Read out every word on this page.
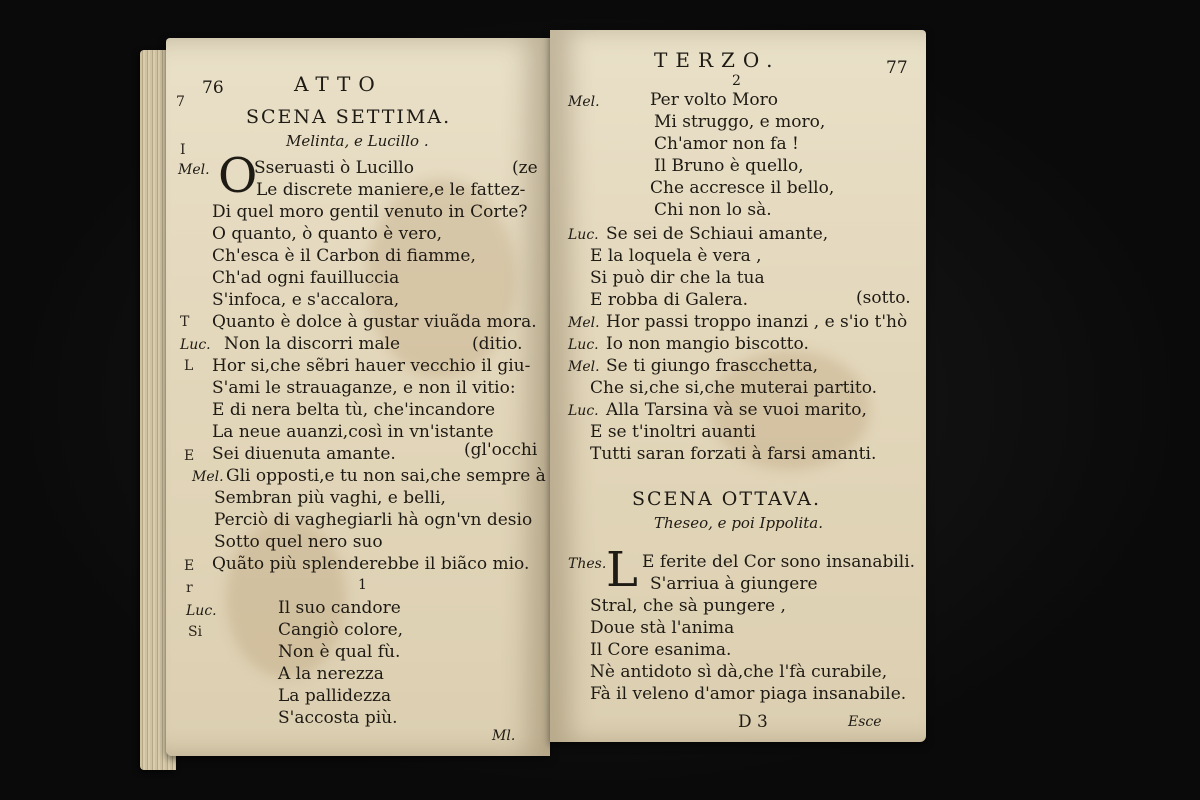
76	ATTO
7
SCENA SETTIMA.
Melinta, e Lucillo .
I
Mel. O
Sseruasti ò Lucillo	(ze
Le discrete maniere,e le fattez-
Di quel moro gentil venuto in Corte?
O quanto, ò quanto è vero,
Ch'esca è il Carbon di fiamme,
Ch'ad ogni fauilluccia
S'infoca, e s'accalora,
T Quanto è dolce à gustar viuãda mora.
Luc. Non la discorri male	(ditio.
L Hor si,che sẽbri hauer vecchio il giu-
S'ami le strauaganze, e non il vitio:
E di nera belta tù, che'incandore
La neue auanzi,così in vn'istante
E Sei diuenuta amante.	(gl'occhi
Mel. Gli opposti,e tu non sai,che sempre à
Sembran più vaghi, e belli,
Perciò di vaghegiarli hà ogn'vn desio
Sotto quel nero suo
E Quãto più splenderebbe il biãco mio.
r	1
Luc.	Il suo candore
Si	Cangiò colore,
Non è qual fù.
A la nerezza
La pallidezza
S'accosta più.
Ml.
TERZO.	77
2
Mel.	Per volto Moro
Mi struggo, e moro,
Ch'amor non fa !
Il Bruno è quello,
Che accresce il bello,
Chi non lo sà.
Luc. Se sei de Schiaui amante,
E la loquela è vera ,
Si può dir che la tua
E robba di Galera.	(sotto.
Mel. Hor passi troppo inanzi , e s'io t'hò
Luc. Io non mangio biscotto.
Mel. Se ti giungo frascchetta,
Che si,che si,che muterai partito.
Luc. Alla Tarsina và se vuoi marito,
E se t'inoltri auanti
Tutti saran forzati à farsi amanti.
SCENA OTTAVA.
Theseo, e poi Ippolita.
Thes. L E ferite del Cor sono insanabili.
S'arriua à giungere
Stral, che sà pungere ,
Doue stà l'anima
Il Core esanima.
Nè antidoto sì dà,che l'fà curabile,
Fà il veleno d'amor piaga insanabile.
D 3	Esce
